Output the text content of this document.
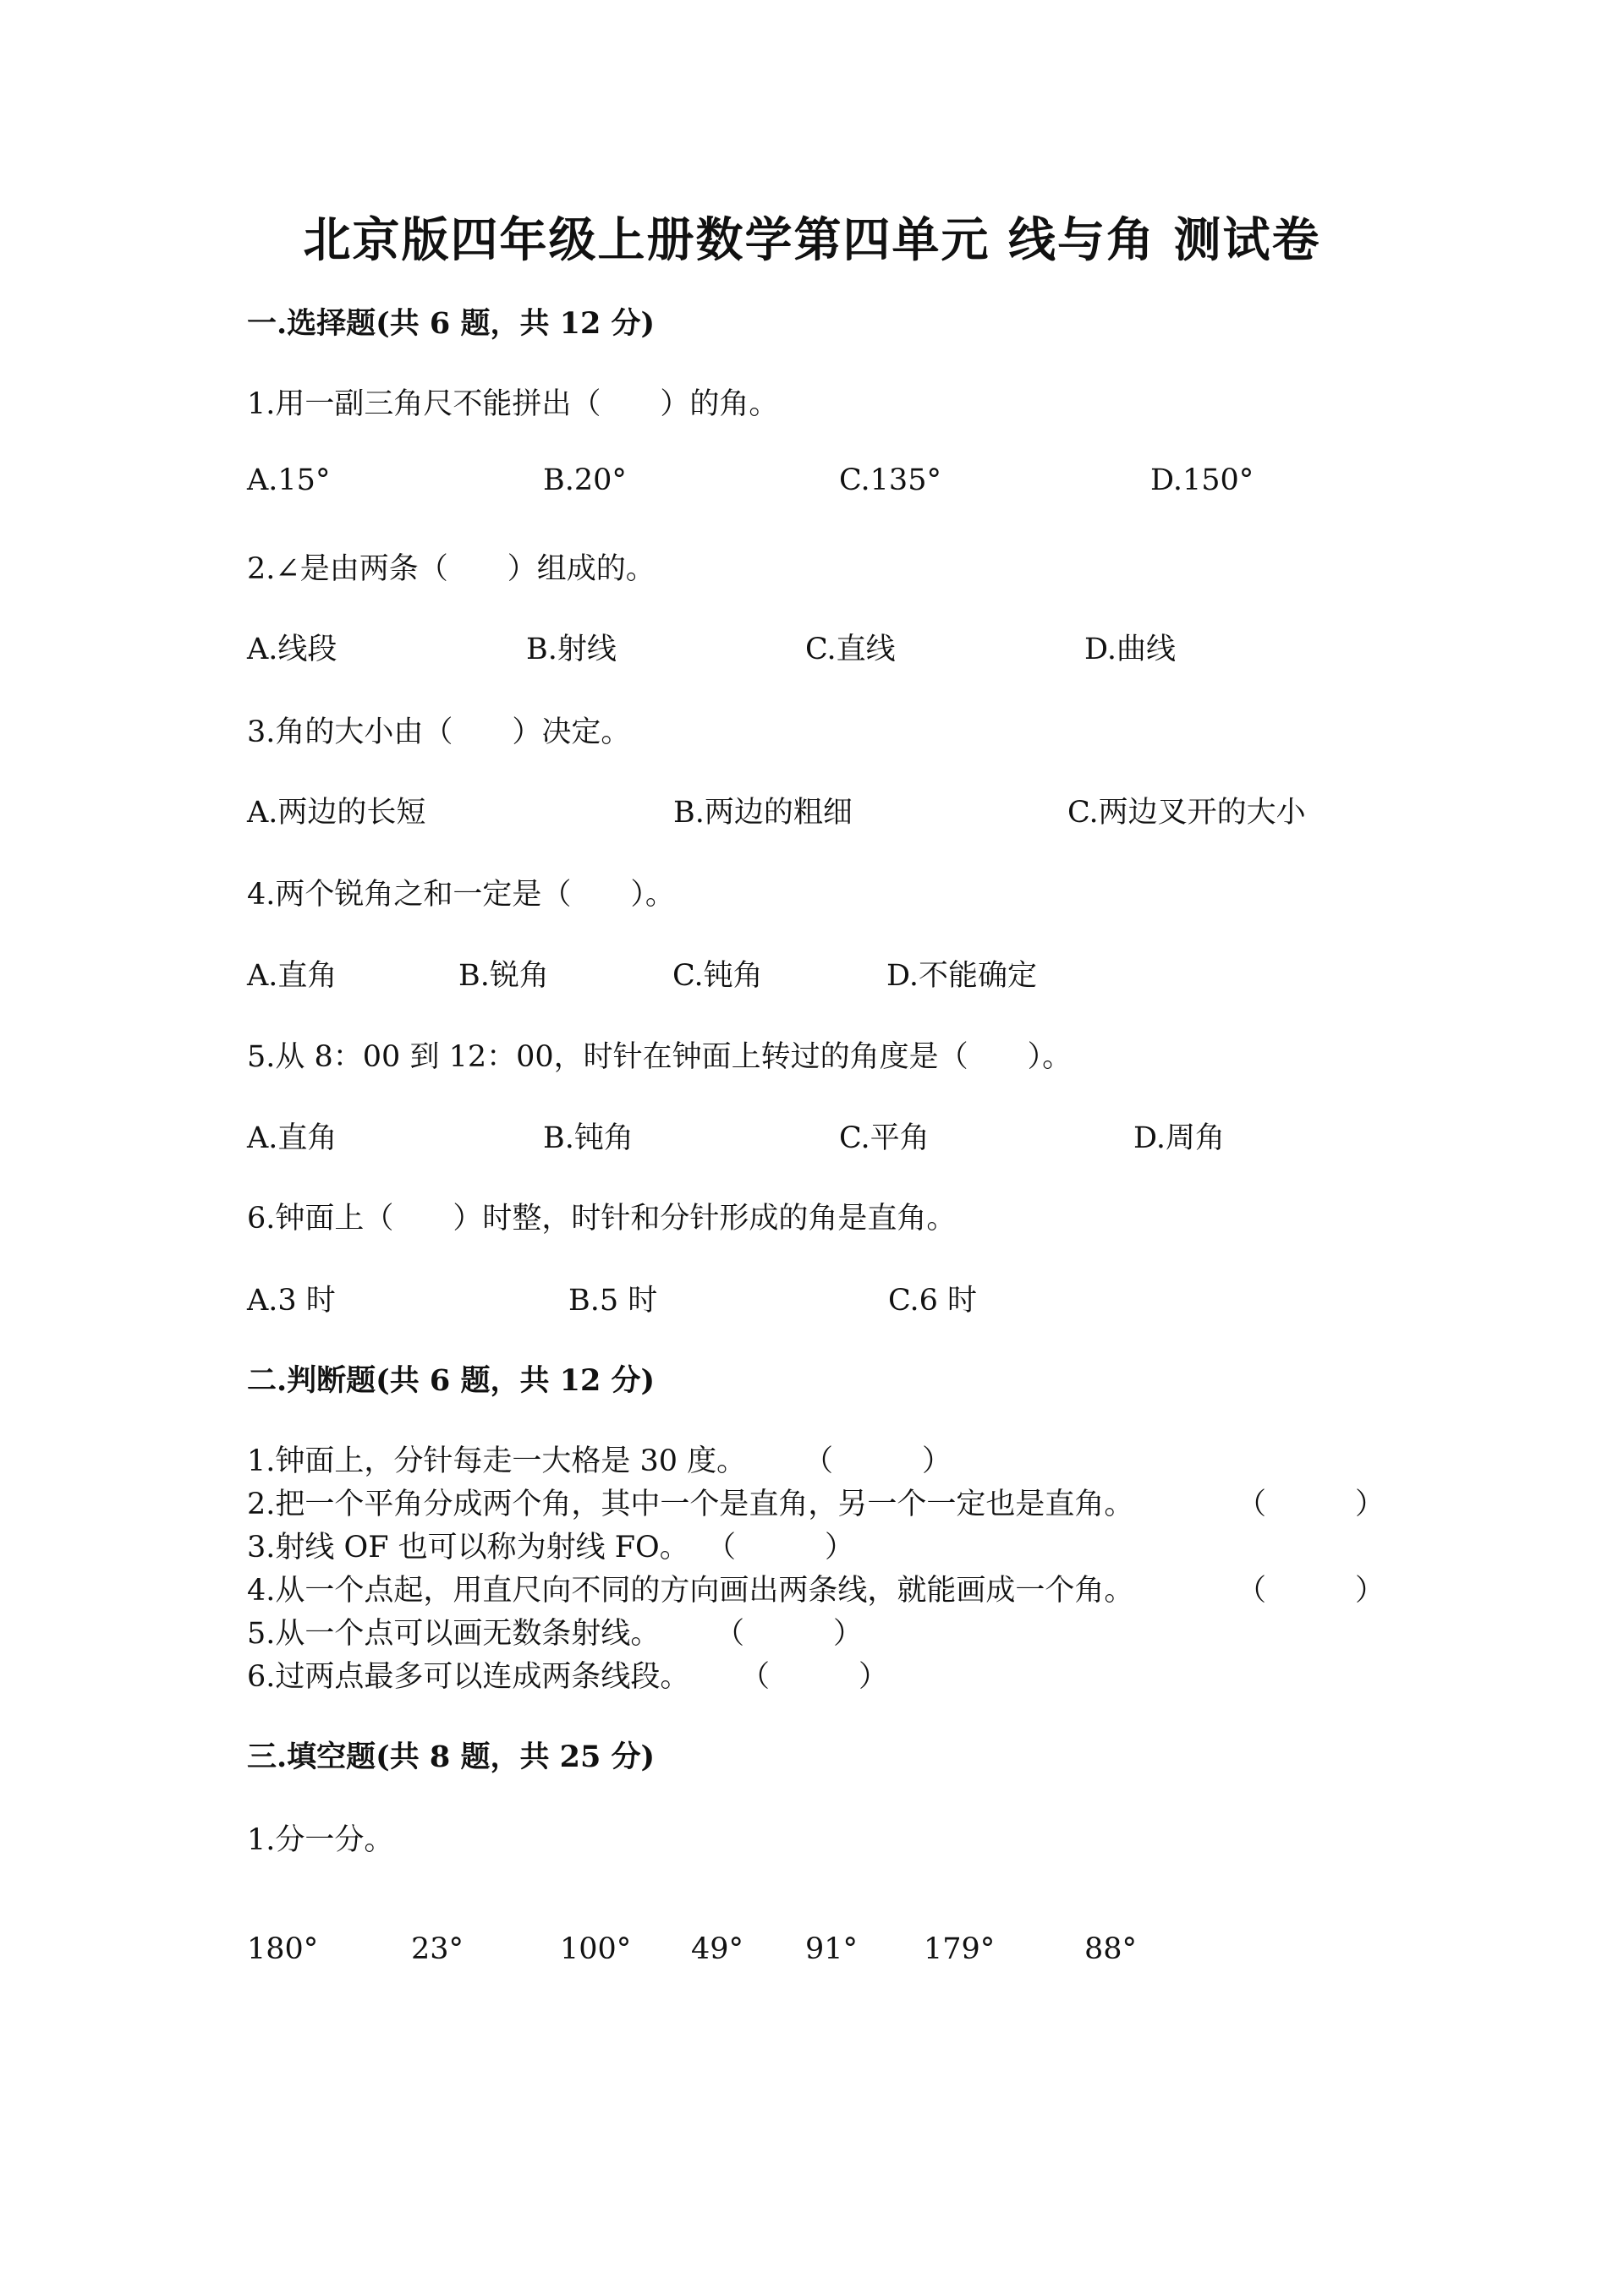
北京版四年级上册数学第四单元 线与角 测试卷
一.选择题(共 6 题，共 12 分)
1.用一副三角尺不能拼出（　　）的角。
A.15°	B.20°	C.135°	D.150°
2.∠是由两条（　　）组成的。
A.线段	B.射线	C.直线	D.曲线
3.角的大小由（　　）决定。
A.两边的长短	B.两边的粗细	C.两边叉开的大小
4.两个锐角之和一定是（　　）。
A.直角	B.锐角	C.钝角	D.不能确定
5.从 8：00 到 12：00，时针在钟面上转过的角度是（　　）。
A.直角	B.钝角	C.平角	D.周角
6.钟面上（　　）时整，时针和分针形成的角是直角。
A.3 时	B.5 时	C.6 时
二.判断题(共 6 题，共 12 分)
1.钟面上，分针每走一大格是 30 度。 （　　　）
2.把一个平角分成两个角，其中一个是直角，另一个一定也是直角。	（　　　）
3.射线 OF 也可以称为射线 FO。 （　　　）
4.从一个点起，用直尺向不同的方向画出两条线，就能画成一个角。	（　　　）
5.从一个点可以画无数条射线。 （　　　）
6.过两点最多可以连成两条线段。 （　　　）
三.填空题(共 8 题，共 25 分)
1.分一分。
180°	23°	100° 49° 91° 179°	88°
